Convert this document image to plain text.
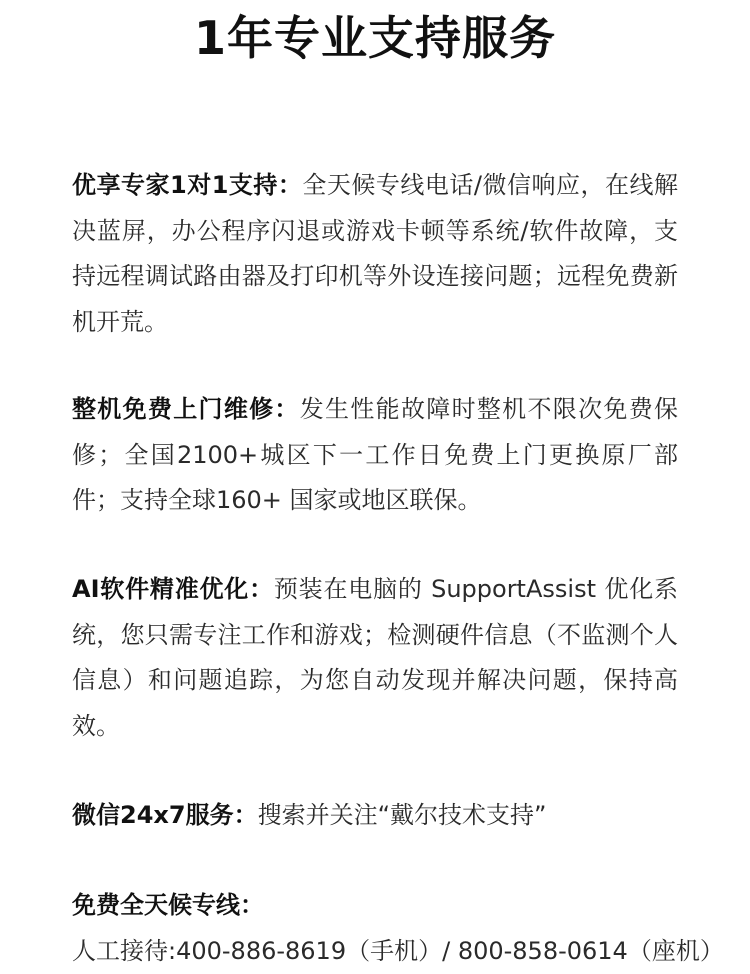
1年专业支持服务

优享专家1对1支持：全天候专线电话/微信响应，在线解决蓝屏，办公程序闪退或游戏卡顿等系统/软件故障，支持远程调试路由器及打印机等外设连接问题；远程免费新机开荒。

整机免费上门维修：发生性能故障时整机不限次免费保修；全国2100+城区下一工作日免费上门更换原厂部件；支持全球160+ 国家或地区联保。

AI软件精准优化：预装在电脑的 SupportAssist 优化系统，您只需专注工作和游戏；检测硬件信息（不监测个人信息）和问题追踪，为您自动发现并解决问题，保持高效。

微信24x7服务：搜索并关注“戴尔技术支持”

免费全天候专线：
人工接待:400-886-8619（手机）/ 800-858-0614（座机）
